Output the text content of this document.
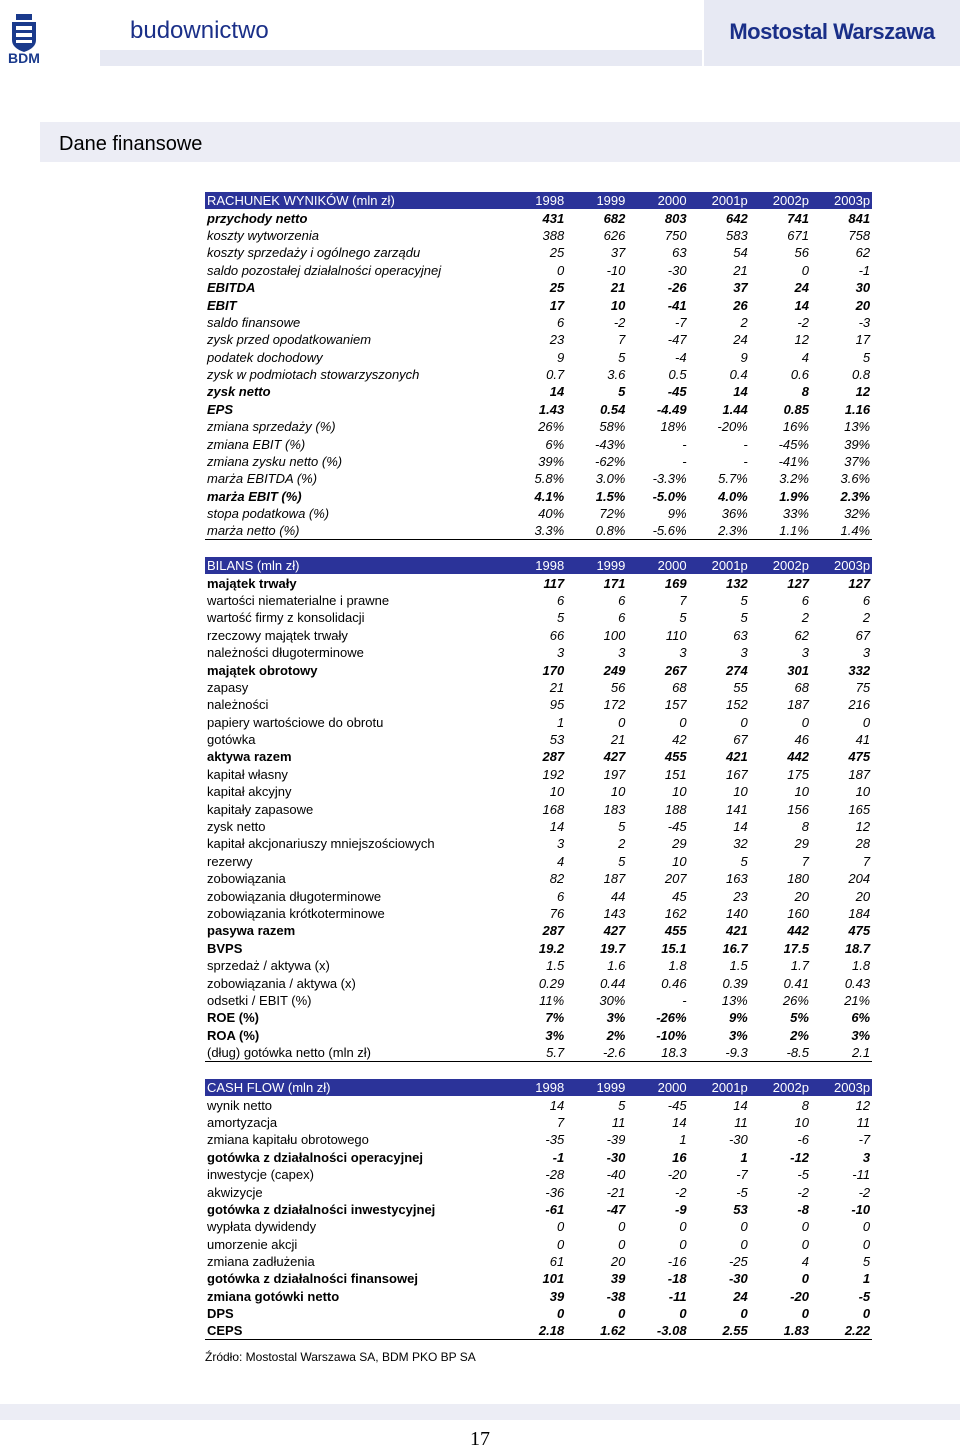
BDM
budownictwo	Mostostal Warszawa
Dane finansowe
RACHUNEK WYNIKÓW (mln zł)	1998	1999	2000	2001p	2002p	2003p
przychody netto	431	682	803	642	741	841
koszty wytworzenia	388	626	750	583	671	758
koszty sprzedaży i ogólnego zarządu	25	37	63	54	56	62
saldo pozostałej działalności operacyjnej	0	-10	-30	21	0	-1
EBITDA	25	21	-26	37	24	30
EBIT	17	10	-41	26	14	20
saldo finansowe	6	-2	-7	2	-2	-3
zysk przed opodatkowaniem	23	7	-47	24	12	17
podatek dochodowy	9	5	-4	9	4	5
zysk w podmiotach stowarzyszonych	0.7	3.6	0.5	0.4	0.6	0.8
zysk netto	14	5	-45	14	8	12
EPS	1.43	0.54	-4.49	1.44	0.85	1.16
zmiana sprzedaży (%)	26%	58%	18%	-20%	16%	13%
zmiana EBIT (%)	6%	-43%	-	-	-45%	39%
zmiana zysku netto (%)	39%	-62%	-	-	-41%	37%
marża EBITDA (%)	5.8%	3.0%	-3.3%	5.7%	3.2%	3.6%
marża EBIT (%)	4.1%	1.5%	-5.0%	4.0%	1.9%	2.3%
stopa podatkowa (%)	40%	72%	9%	36%	33%	32%
marża netto (%)	3.3%	0.8%	-5.6%	2.3%	1.1%	1.4%
BILANS (mln zł)	1998	1999	2000	2001p	2002p	2003p
majątek trwały	117	171	169	132	127	127
wartości niematerialne i prawne	6	6	7	5	6	6
wartość firmy z konsolidacji	5	6	5	5	2	2
rzeczowy majątek trwały	66	100	110	63	62	67
należności długoterminowe	3	3	3	3	3	3
majątek obrotowy	170	249	267	274	301	332
zapasy	21	56	68	55	68	75
należności	95	172	157	152	187	216
papiery wartościowe do obrotu	1	0	0	0	0	0
gotówka	53	21	42	67	46	41
aktywa razem	287	427	455	421	442	475
kapitał własny	192	197	151	167	175	187
kapitał akcyjny	10	10	10	10	10	10
kapitały zapasowe	168	183	188	141	156	165
zysk netto	14	5	-45	14	8	12
kapitał akcjonariuszy mniejszościowych	3	2	29	32	29	28
rezerwy	4	5	10	5	7	7
zobowiązania	82	187	207	163	180	204
zobowiązania długoterminowe	6	44	45	23	20	20
zobowiązania krótkoterminowe	76	143	162	140	160	184
pasywa razem	287	427	455	421	442	475
BVPS	19.2	19.7	15.1	16.7	17.5	18.7
sprzedaż / aktywa (x)	1.5	1.6	1.8	1.5	1.7	1.8
zobowiązania / aktywa (x)	0.29	0.44	0.46	0.39	0.41	0.43
odsetki / EBIT (%)	11%	30%	-	13%	26%	21%
ROE (%)	7%	3%	-26%	9%	5%	6%
ROA (%)	3%	2%	-10%	3%	2%	3%
(dług) gotówka netto (mln zł)	5.7	-2.6	18.3	-9.3	-8.5	2.1
CASH FLOW (mln zł)	1998	1999	2000	2001p	2002p	2003p
wynik netto	14	5	-45	14	8	12
amortyzacja	7	11	14	11	10	11
zmiana kapitału obrotowego	-35	-39	1	-30	-6	-7
gotówka z działalności operacyjnej	-1	-30	16	1	-12	3
inwestycje (capex)	-28	-40	-20	-7	-5	-11
akwizycje	-36	-21	-2	-5	-2	-2
gotówka z działalności inwestycyjnej	-61	-47	-9	53	-8	-10
wypłata dywidendy	0	0	0	0	0	0
umorzenie akcji	0	0	0	0	0	0
zmiana zadłużenia	61	20	-16	-25	4	5
gotówka z działalności finansowej	101	39	-18	-30	0	1
zmiana gotówki netto	39	-38	-11	24	-20	-5
DPS	0	0	0	0	0	0
CEPS	2.18	1.62	-3.08	2.55	1.83	2.22
Źródło: Mostostal Warszawa SA, BDM PKO BP SA
17
